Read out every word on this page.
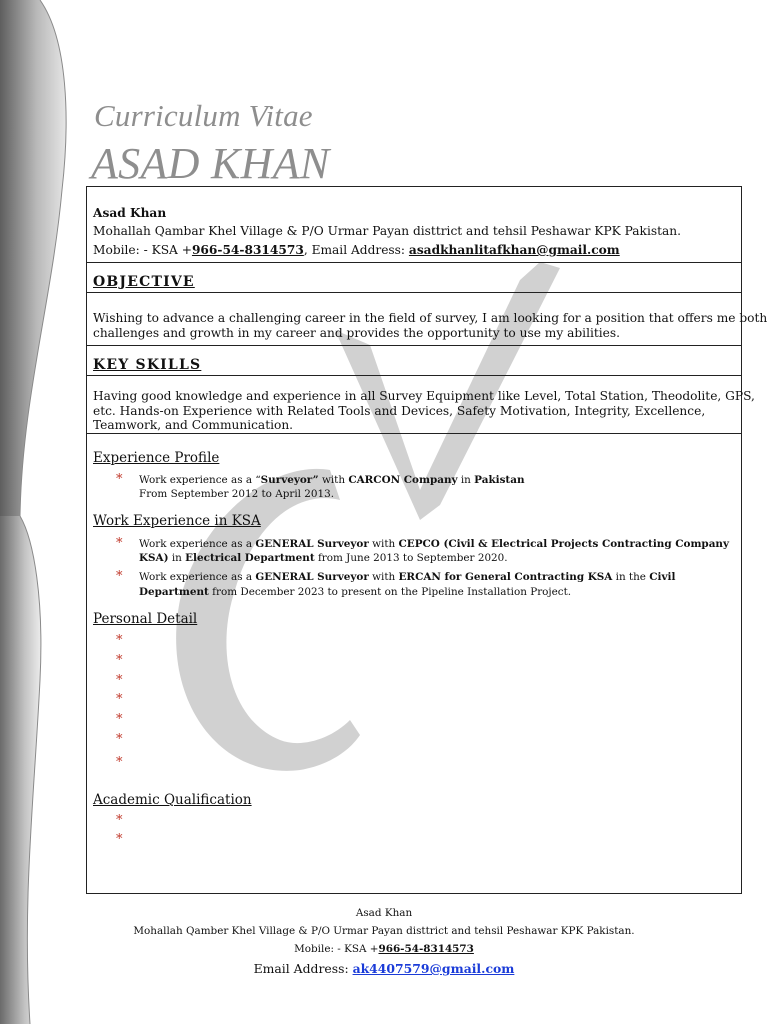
Curriculum Vitae
ASAD KHAN
Asad Khan
Mohallah Qambar Khel Village & P/O Urmar Payan disttrict and tehsil Peshawar KPK Pakistan.
Mobile: - KSA +966-54-8314573, Email Address: asadkhanlitafkhan@gmail.com
OBJECTIVE
Wishing to advance a challenging career in the field of survey, I am looking for a position that offers me both
challenges and growth in my career and provides the opportunity to use my abilities.
KEY SKILLS
Having good knowledge and experience in all Survey Equipment like Level, Total Station, Theodolite, GPS,
etc. Hands-on Experience with Related Tools and Devices, Safety Motivation, Integrity, Excellence,
Teamwork, and Communication.
Experience Profile
* Work experience as a “Surveyor” with CARCON Company in Pakistan
From September 2012 to April 2013.
Work Experience in KSA
* Work experience as a GENERAL Surveyor with CEPCO (Civil & Electrical Projects Contracting Company
KSA) in Electrical Department from June 2013 to September 2020.
* Work experience as a GENERAL Surveyor with ERCAN for General Contracting KSA in the Civil
Department from December 2023 to present on the Pipeline Installation Project.
Personal Detail
*
*
*
*
*
*
*
Academic Qualification
*
*
Asad Khan
Mohallah Qamber Khel Village & P/O Urmar Payan disttrict and tehsil Peshawar KPK Pakistan.
Mobile: - KSA +966-54-8314573
Email Address: ak4407579@gmail.com
